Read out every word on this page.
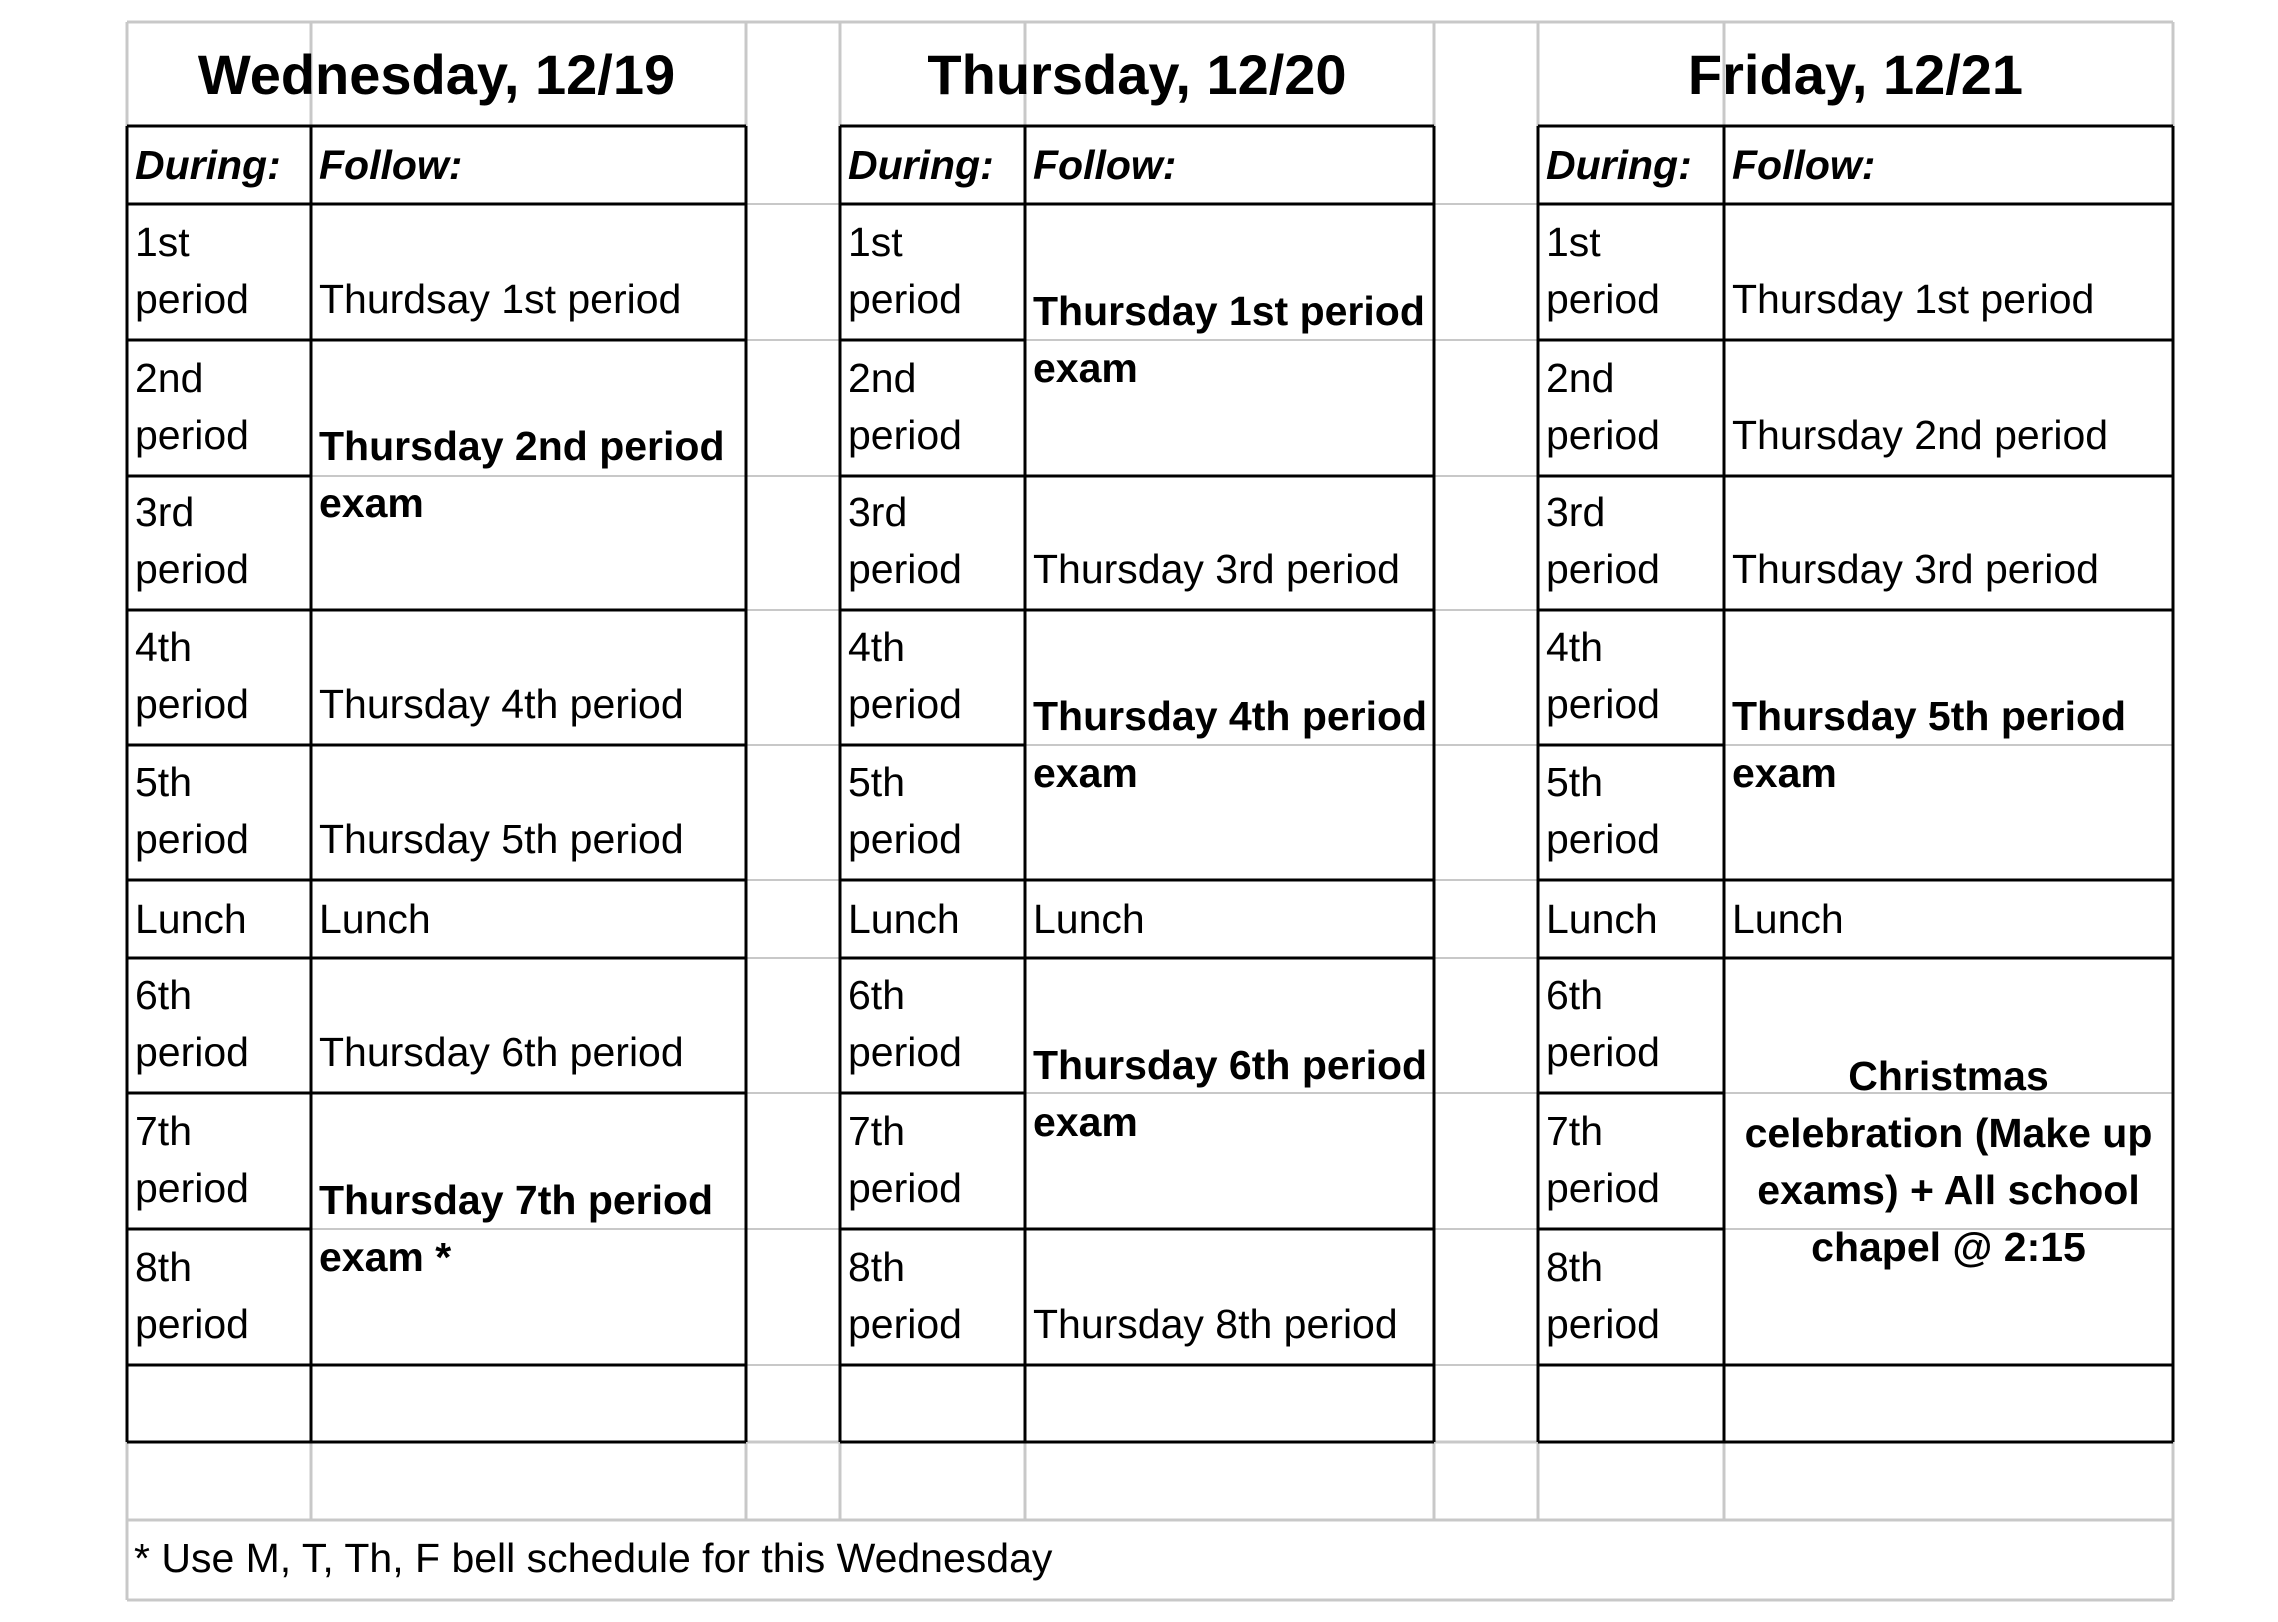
Wednesday, 12/19
During: Follow:
1st period
2nd period
3rd period
4th period
5th period
Lunch
6th period
7th period
8th period
Thurdsay 1st period
Thursday 2nd period exam
Thursday 4th period
Thursday 5th period
Lunch
Thursday 6th period
Thursday 7th period exam *
Thursday, 12/20
During: Follow:
1st period
2nd period
3rd period
4th period
5th period
Lunch
6th period
7th period
8th period
Thursday 1st period exam
Thursday 3rd period
Thursday 4th period exam
Lunch
Thursday 6th period exam
Thursday 8th period
Friday, 12/21
During: Follow:
1st period
2nd period
3rd period
4th period
5th period
Lunch
6th period
7th period
8th period
Thursday 1st period
Thursday 2nd period
Thursday 3rd period
Thursday 5th period exam
Lunch
Christmas celebration (Make up exams) + All school chapel @ 2:15
* Use M, T, Th, F bell schedule for this Wednesday
